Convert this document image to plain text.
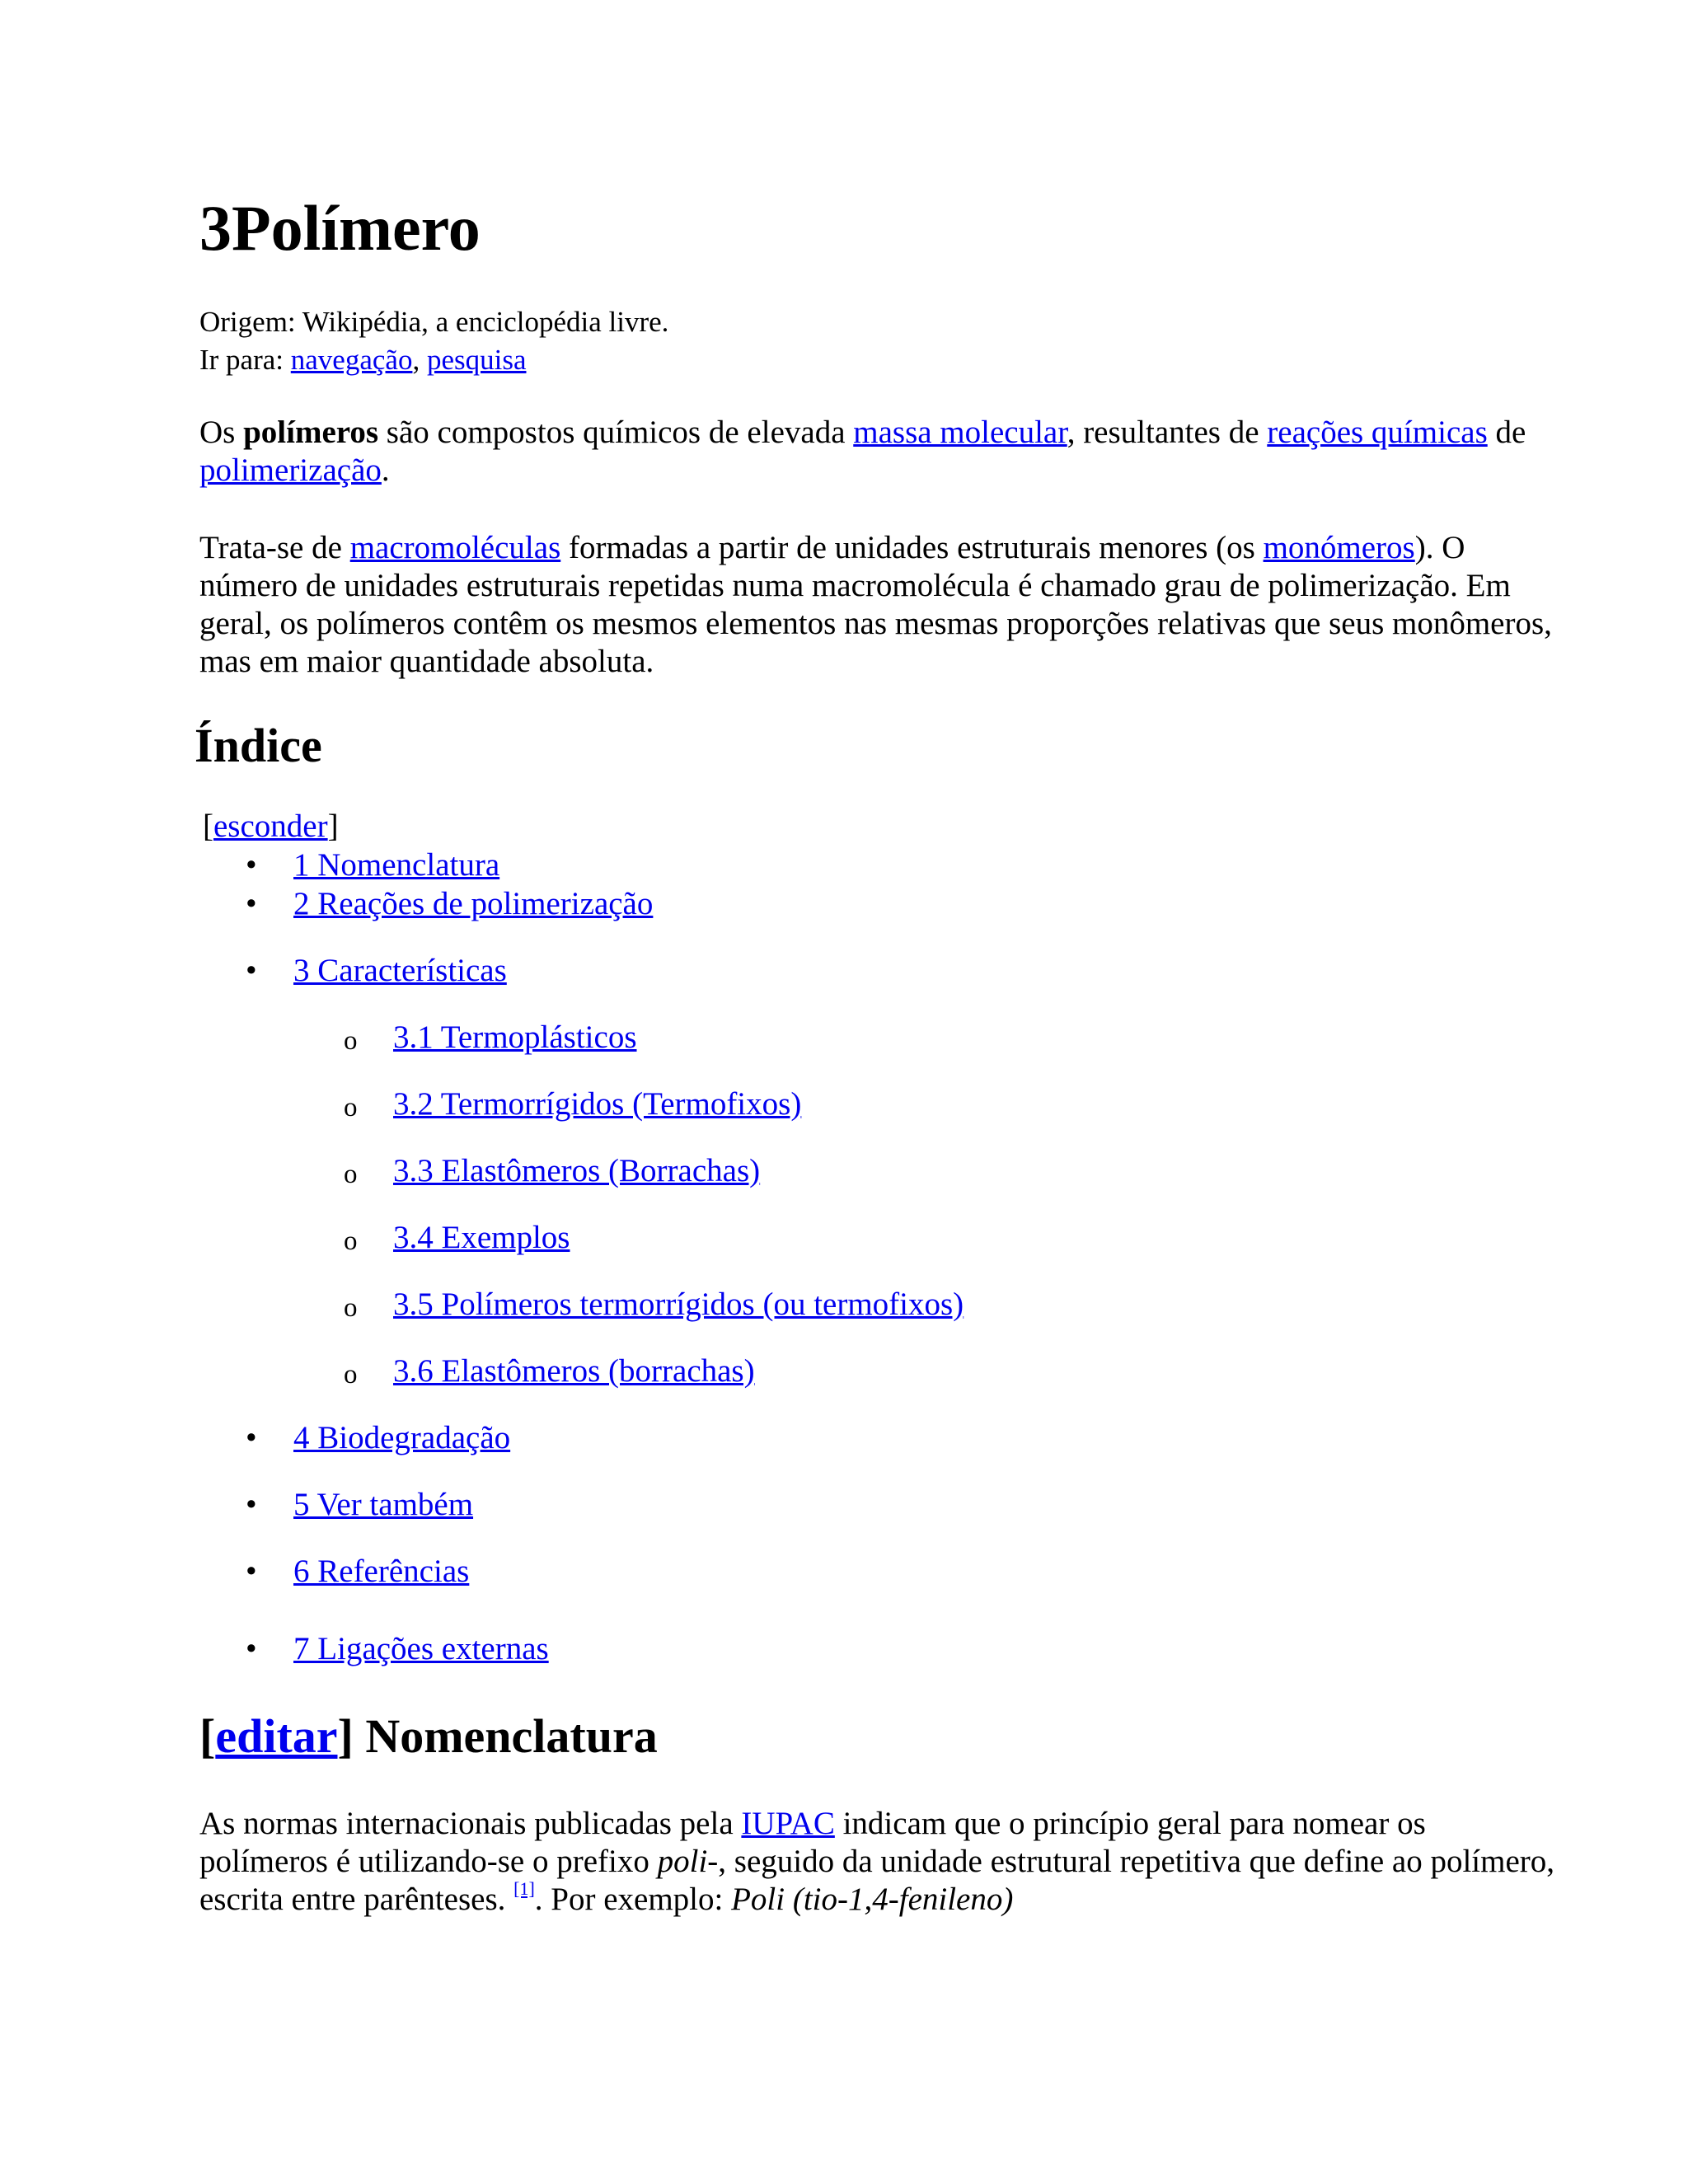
3Polímero
Origem: Wikipédia, a enciclopédia livre.
Ir para: navegação, pesquisa

Os polímeros são compostos químicos de elevada massa molecular, resultantes de reações químicas de polimerização.

Trata-se de macromoléculas formadas a partir de unidades estruturais menores (os monómeros). O número de unidades estruturais repetidas numa macromolécula é chamado grau de polimerização. Em geral, os polímeros contêm os mesmos elementos nas mesmas proporções relativas que seus monômeros, mas em maior quantidade absoluta.

Índice
[esconder]
• 1 Nomenclatura
• 2 Reações de polimerização
• 3 Características
o 3.1 Termoplásticos
o 3.2 Termorrígidos (Termofixos)
o 3.3 Elastômeros (Borrachas)
o 3.4 Exemplos
o 3.5 Polímeros termorrígidos (ou termofixos)
o 3.6 Elastômeros (borrachas)
• 4 Biodegradação
• 5 Ver também
• 6 Referências
• 7 Ligações externas
[editar] Nomenclatura

As normas internacionais publicadas pela IUPAC indicam que o princípio geral para nomear os polímeros é utilizando-se o prefixo poli-, seguido da unidade estrutural repetitiva que define ao polímero, escrita entre parênteses. [1]. Por exemplo: Poli (tio-1,4-fenileno)
